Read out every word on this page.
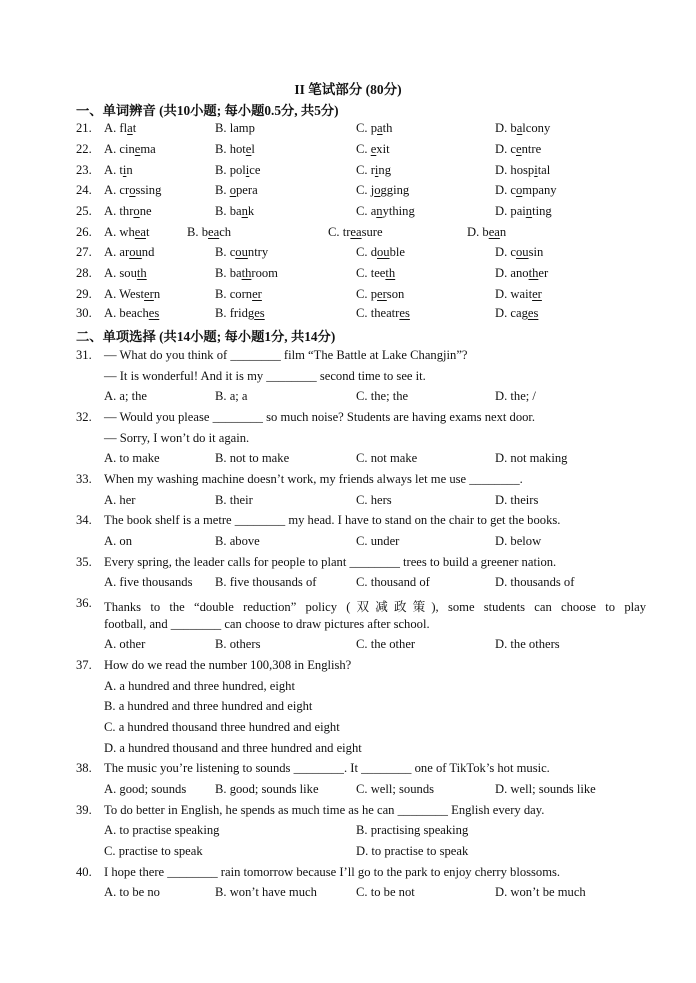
II 笔试部分 (80分)
一、单词辨音 (共10小题; 每小题0.5分, 共5分)
21. A. flat	B. lamp	C. path	D. balcony
22. A. cinema	B. hotel	C. exit	D. centre
23. A. tin	B. police	C. ring	D. hospital
24. A. crossing	B. opera	C. jogging	D. company
25. A. throne	B. bank	C. anything	D. painting
26. A. wheat	B. beach	C. treasure	D. bean
27. A. around	B. country	C. double	D. cousin
28. A. south	B. bathroom	C. teeth	D. another
29. A. Western	B. corner	C. person	D. waiter
30. A. beaches	B. fridges	C. theatres	D. cages
二、单项选择 (共14小题; 每小题1分, 共14分)
31. — What do you think of ________ film “The Battle at Lake Changjin”?
— It is wonderful! And it is my ________ second time to see it.
A. a; the	B. a; a	C. the; the	D. the; /
32. — Would you please ________ so much noise? Students are having exams next door.
— Sorry, I won’t do it again.
A. to make	B. not to make	C. not make	D. not making
33. When my washing machine doesn’t work, my friends always let me use ________.
A. her	B. their	C. hers	D. theirs
34. The book shelf is a metre ________ my head. I have to stand on the chair to get the books.
A. on	B. above	C. under	D. below
35. Every spring, the leader calls for people to plant ________ trees to build a greener nation.
A. five thousands B. five thousands of	C. thousand of	D. thousands of
36. Thanks to the “double reduction” policy (双减政策), some students can choose to play
football, and ________ can choose to draw pictures after school.
A. other	B. others	C. the other	D. the others
37. How do we read the number 100,308 in English?
A. a hundred and three hundred, eight
B. a hundred and three hundred and eight
C. a hundred thousand three hundred and eight
D. a hundred thousand and three hundred and eight
38. The music you’re listening to sounds ________. It ________ one of TikTok’s hot music.
A. good; sounds B. good; sounds like	C. well; sounds	D. well; sounds like
39. To do better in English, he spends as much time as he can ________ English every day.
A. to practise speaking	B. practising speaking
C. practise to speak	D. to practise to speak
40. I hope there ________ rain tomorrow because I’ll go to the park to enjoy cherry blossoms.
A. to be no	B. won’t have much	C. to be not	D. won’t be much
